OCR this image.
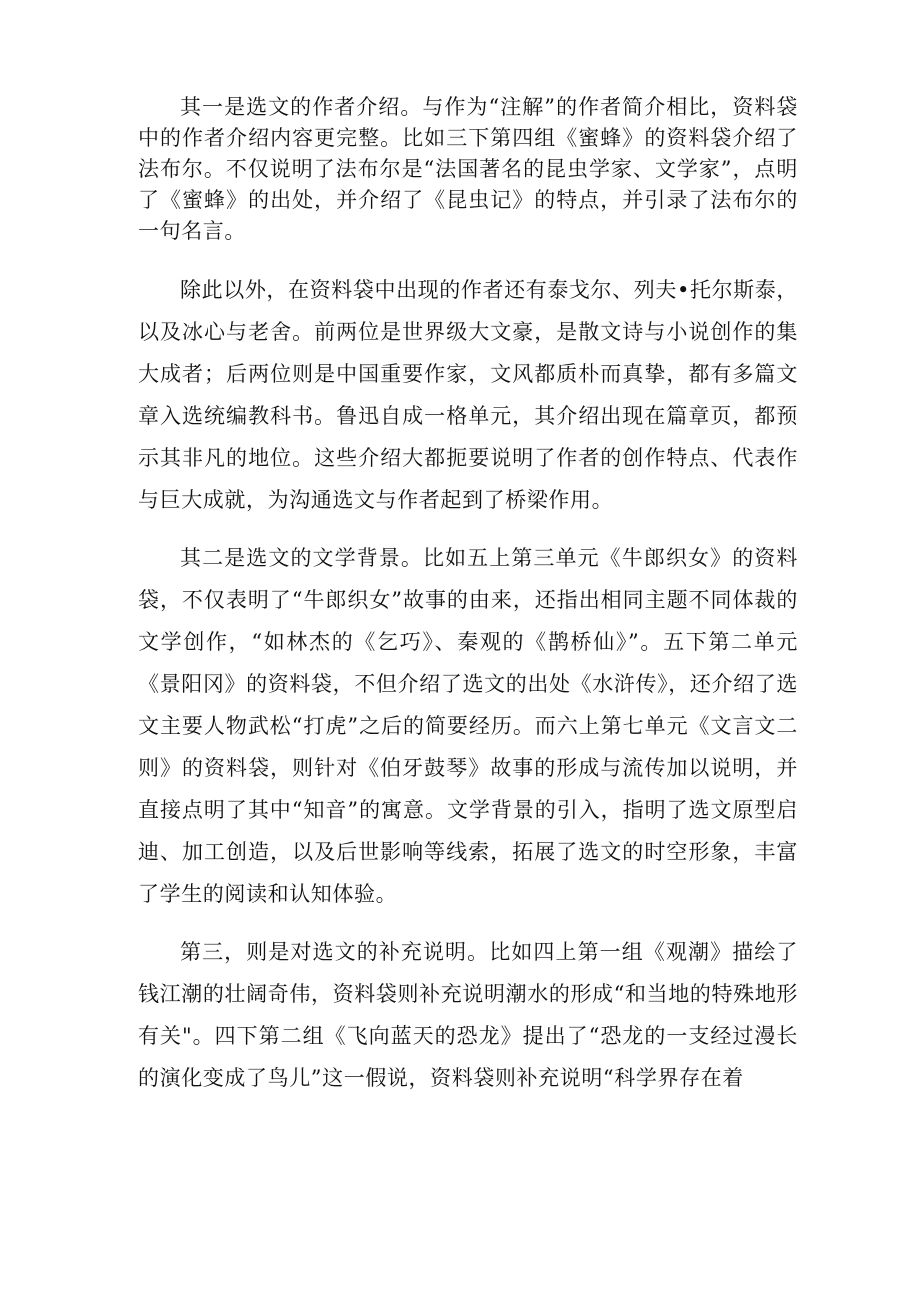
其一是选文的作者介绍。与作为“注解”的作者简介相比，资料袋中的作者介绍内容更完整。比如三下第四组《蜜蜂》的资料袋介绍了法布尔。不仅说明了法布尔是“法国著名的昆虫学家、文学家”，点明了《蜜蜂》的出处，并介绍了《昆虫记》的特点，并引录了法布尔的一句名言。

除此以外，在资料袋中出现的作者还有泰戈尔、列夫•托尔斯泰，以及冰心与老舍。前两位是世界级大文豪，是散文诗与小说创作的集大成者；后两位则是中国重要作家，文风都质朴而真挚，都有多篇文章入选统编教科书。鲁迅自成一格单元，其介绍出现在篇章页，都预示其非凡的地位。这些介绍大都扼要说明了作者的创作特点、代表作与巨大成就，为沟通选文与作者起到了桥梁作用。

其二是选文的文学背景。比如五上第三单元《牛郎织女》的资料袋，不仅表明了“牛郎织女”故事的由来，还指出相同主题不同体裁的文学创作，“如林杰的《乞巧》、秦观的《鹊桥仙》”。五下第二单元《景阳冈》的资料袋，不但介绍了选文的出处《水浒传》，还介绍了选文主要人物武松“打虎”之后的简要经历。而六上第七单元《文言文二则》的资料袋，则针对《伯牙鼓琴》故事的形成与流传加以说明，并直接点明了其中“知音”的寓意。文学背景的引入，指明了选文原型启迪、加工创造，以及后世影响等线索，拓展了选文的时空形象，丰富了学生的阅读和认知体验。

第三，则是对选文的补充说明。比如四上第一组《观潮》描绘了钱江潮的壮阔奇伟，资料袋则补充说明潮水的形成“和当地的特殊地形有关"。四下第二组《飞向蓝天的恐龙》提出了“恐龙的一支经过漫长的演化变成了鸟儿”这一假说，资料袋则补充说明“科学界存在着
